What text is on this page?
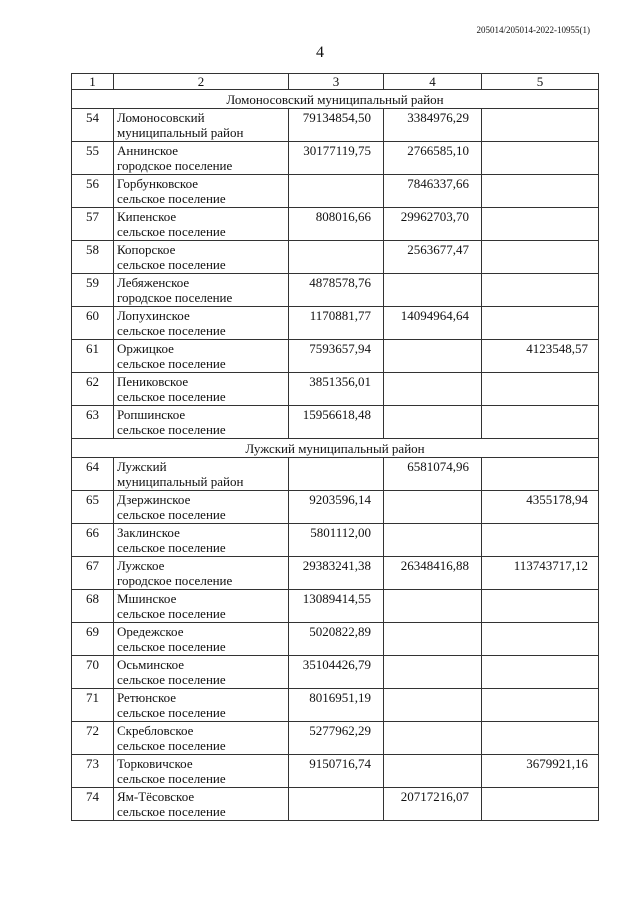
205014/205014-2022-10955(1)
4
1	2	3	4	5
Ломоносовский муниципальный район				
54	Ломоносовский
муниципальный район	79134854,50	3384976,29	
55	Аннинское
городское поселение	30177119,75	2766585,10	
56	Горбунковское
сельское поселение		7846337,66	
57	Кипенское
сельское поселение	808016,66	29962703,70	
58	Копорское
сельское поселение		2563677,47	
59	Лебяженское
городское поселение	4878578,76		
60	Лопухинское
сельское поселение	1170881,77	14094964,64	
61	Оржицкое
сельское поселение	7593657,94		4123548,57
62	Пениковское
сельское поселение	3851356,01		
63	Ропшинское
сельское поселение	15956618,48		
Лужский муниципальный район				
64	Лужский
муниципальный район		6581074,96	
65	Дзержинское
сельское поселение	9203596,14		4355178,94
66	Заклинское
сельское поселение	5801112,00		
67	Лужское
городское поселение	29383241,38	26348416,88	113743717,12
68	Мшинское
сельское поселение	13089414,55		
69	Оредежское
сельское поселение	5020822,89		
70	Осьминское
сельское поселение	35104426,79		
71	Ретюнское
сельское поселение	8016951,19		
72	Скребловское
сельское поселение	5277962,29		
73	Торковичское
сельское поселение	9150716,74		3679921,16
74	Ям-Тёсовское
сельское поселение		20717216,07	
